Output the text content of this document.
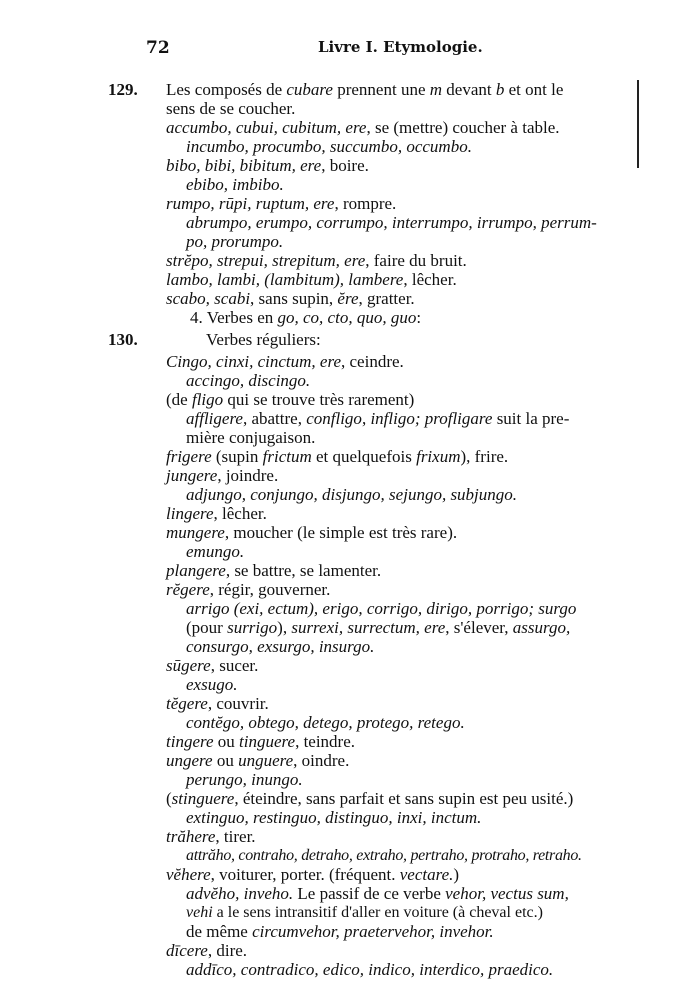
72	Livre I. Etymologie.
129.
130.
Les composés de cubare prennent une m devant b et ont le
sens de se coucher.
accumbo, cubui, cubitum, ere, se (mettre) coucher à table.
incumbo, procumbo, succumbo, occumbo.
bibo, bibi, bibitum, ere, boire.
ebibo, imbibo.
rumpo, rūpi, ruptum, ere, rompre.
abrumpo, erumpo, corrumpo, interrumpo, irrumpo, perrum-
po, prorumpo.
strĕpo, strepui, strepitum, ere, faire du bruit.
lambo, lambi, (lambitum), lambere, lêcher.
scabo, scabi, sans supin, ĕre, gratter.
4. Verbes en go, co, cto, quo, guo:
Verbes réguliers:
Cingo, cinxi, cinctum, ere, ceindre.
accingo, discingo.
(de fligo qui se trouve très rarement)
affligere, abattre, confligo, infligo; profligare suit la pre-
mière conjugaison.
frigere (supin frictum et quelquefois frixum), frire.
jungere, joindre.
adjungo, conjungo, disjungo, sejungo, subjungo.
lingere, lêcher.
mungere, moucher (le simple est très rare).
emungo.
plangere, se battre, se lamenter.
rĕgere, régir, gouverner.
arrigo (exi, ectum), erigo, corrigo, dirigo, porrigo; surgo
(pour surrigo), surrexi, surrectum, ere, s'élever, assurgo,
consurgo, exsurgo, insurgo.
sūgere, sucer.
exsugo.
tĕgere, couvrir.
contĕgo, obtego, detego, protego, retego.
tingere ou tinguere, teindre.
ungere ou unguere, oindre.
perungo, inungo.
(stinguere, éteindre, sans parfait et sans supin est peu usité.)
extinguo, restinguo, distinguo, inxi, inctum.
trăhere, tirer.
attrăho, contraho, detraho, extraho, pertraho, protraho, retraho.
vĕhere, voiturer, porter. (fréquent. vectare.)
advĕho, inveho. Le passif de ce verbe vehor, vectus sum,
vehi a le sens intransitif d'aller en voiture (à cheval etc.)
de même circumvehor, praetervehor, invehor.
dīcere, dire.
addīco, contradico, edico, indico, interdico, praedico.
